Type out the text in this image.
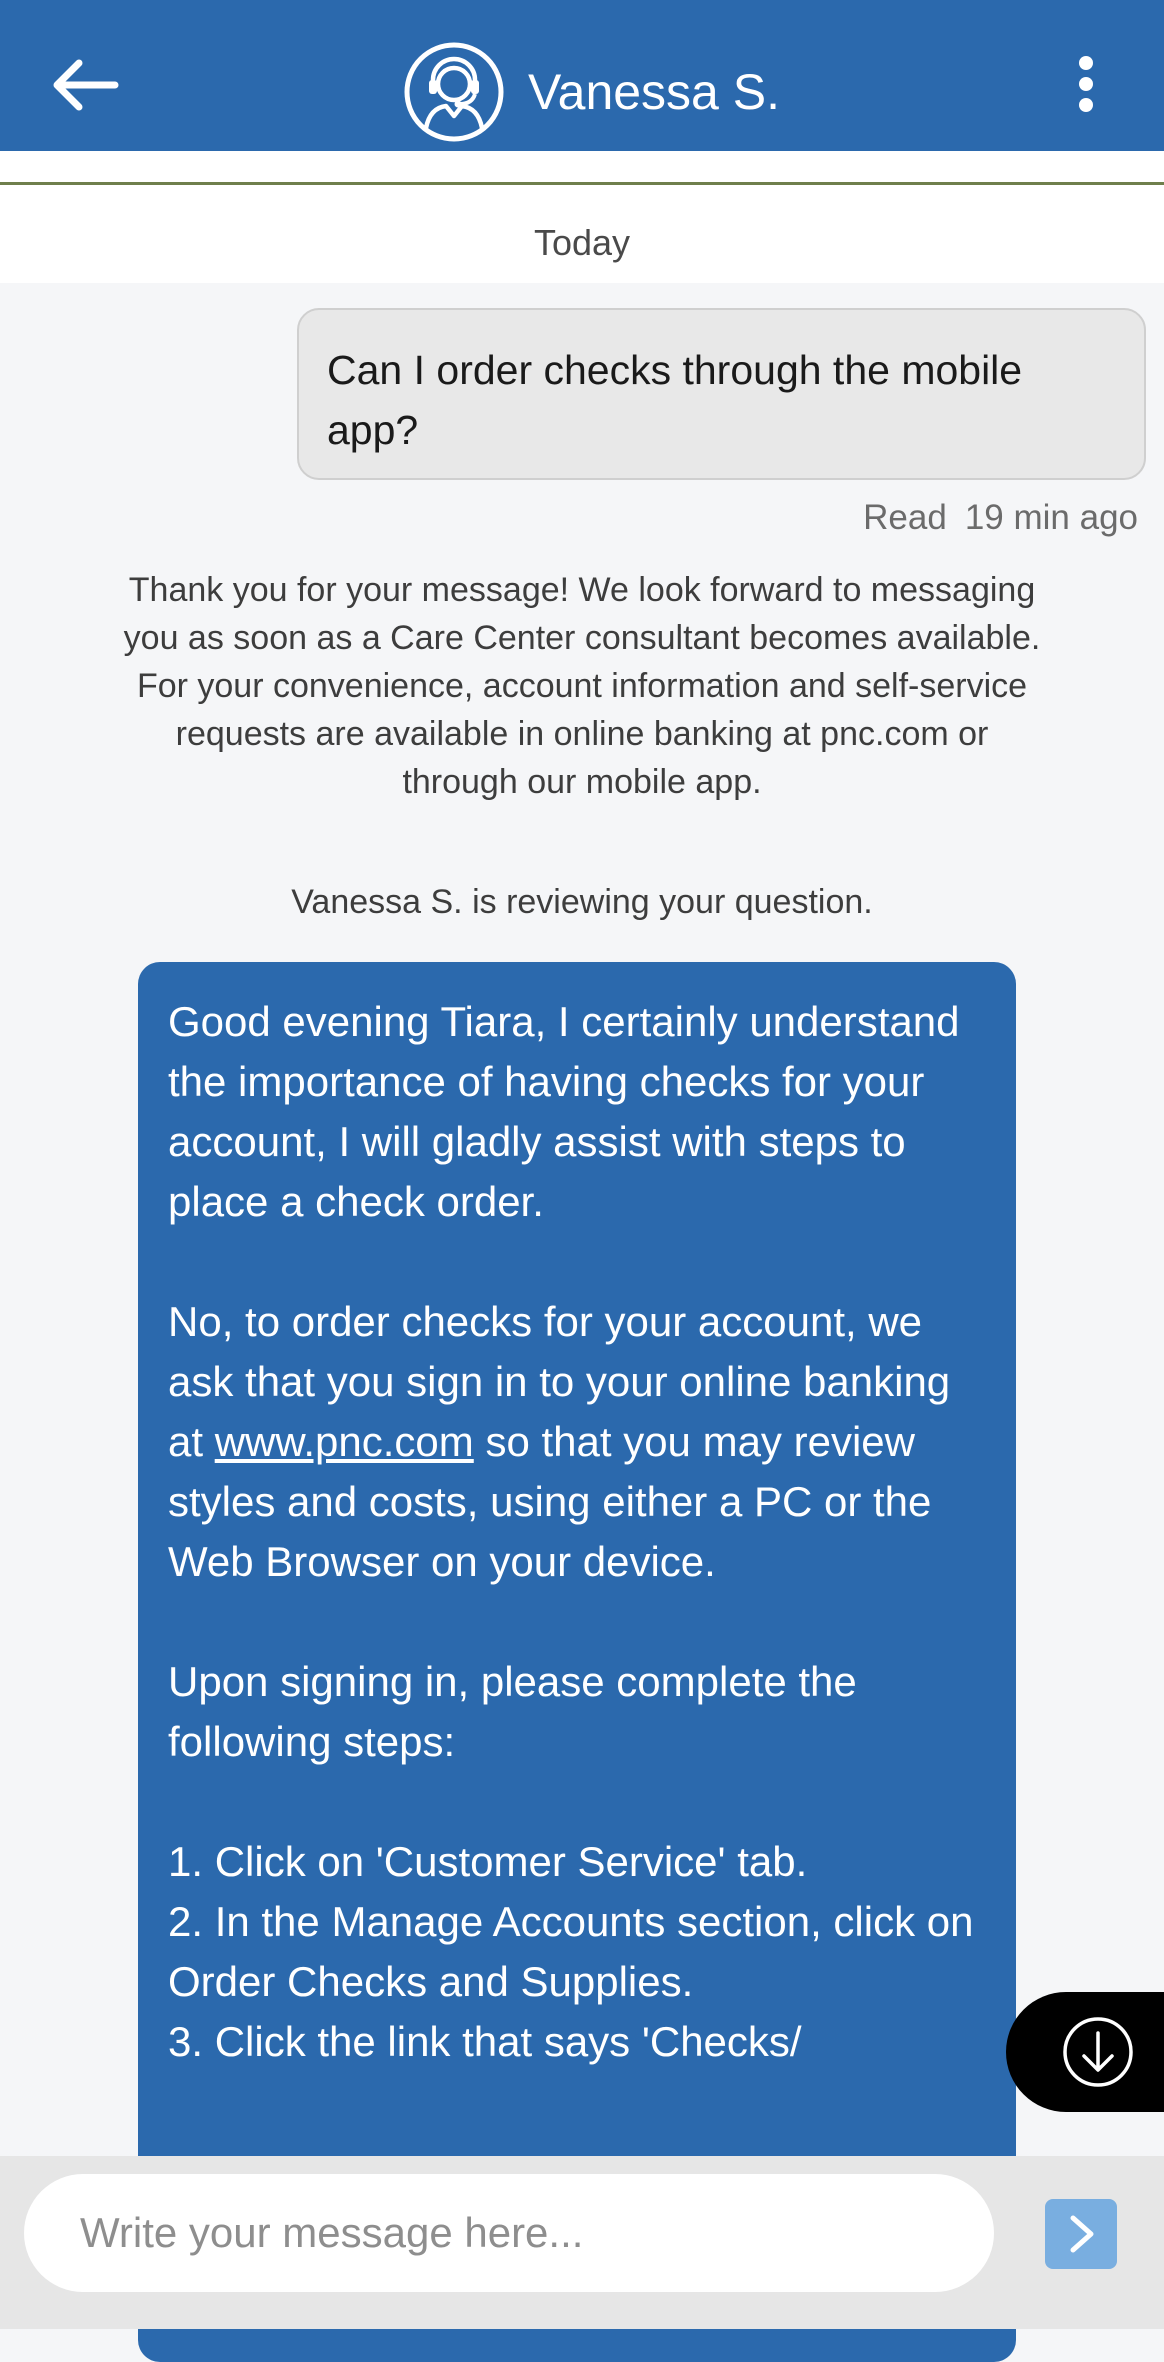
Vanessa S.
Today
Can I order checks through the mobile app?
Read 19 min ago
Thank you for your message! We look forward to messaging you as soon as a Care Center consultant becomes available. For your convenience, account information and self-service requests are available in online banking at pnc.com or through our mobile app.
Vanessa S. is reviewing your question.

Good evening Tiara, I certainly understand the importance of having checks for your account, I will gladly assist with steps to place a check order.

No, to order checks for your account, we ask that you sign in to your online banking at www.pnc.com so that you may review styles and costs, using either a PC or the Web Browser on your device.

Upon signing in, please complete the following steps:

1. Click on 'Customer Service' tab.
2. In the Manage Accounts section, click on Order Checks and Supplies.
3. Click the link that says 'Checks/
Write your message here...
